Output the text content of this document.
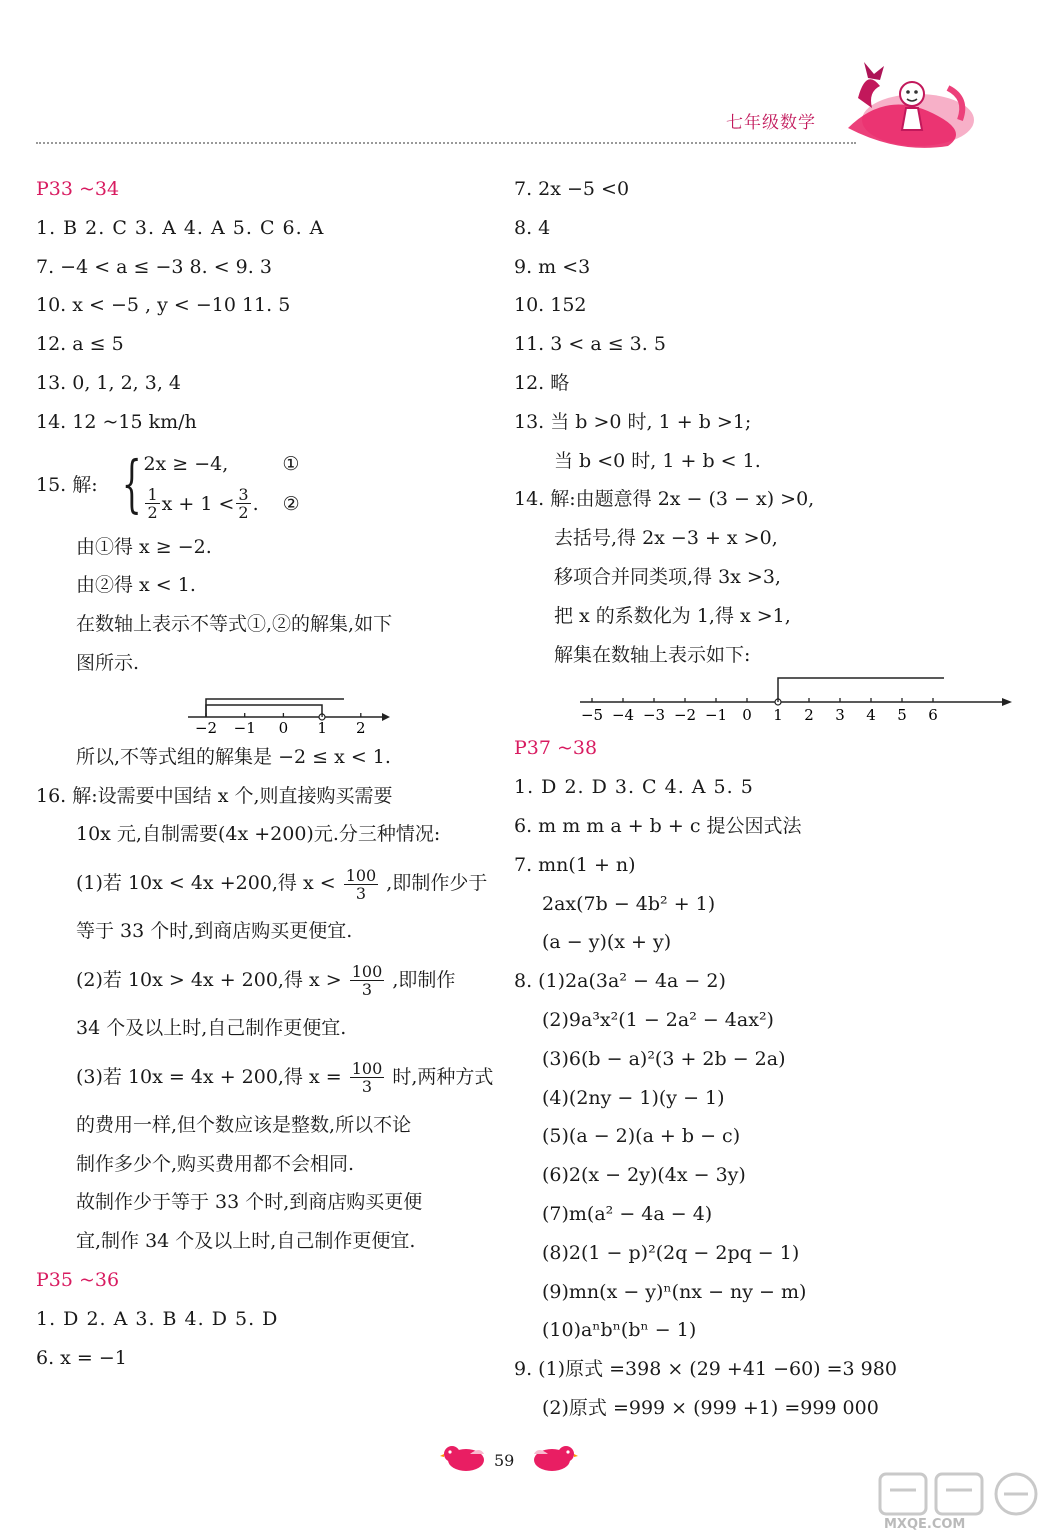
七年级数学
P33 ~34
1. B 2. C 3. A 4. A 5. C 6. A
7. −4 < a ≤ −3 8. < 9. 3
10. x < −5 , y < −10 11. 5
12. a ≤ 5
13. 0, 1, 2, 3, 4
14. 12 ~15 km/h
15. 解: { 2x ≥ −4,	①
$\frac{1}{2}$ $x + 1 < \frac{3}{2}$ . ②
由①得 x ≥ −2.
由②得 x < 1.
在数轴上表示不等式①,②的解集,如下
图所示.
−2 −1 0 1 2
所以,不等式组的解集是 −2 ≤ x < 1.
16. 解:设需要中国结 x 个,则直接购买需要
10x 元,自制需要(4x +200)元.分三种情况:
(1)若 10x < 4x +200,得 $x < \frac{100}{3}$ ,即制作少于
等于 33 个时,到商店购买更便宜.
(2)若 10x > 4x + 200,得 $x > \frac{100}{3}$ ,即制作
34 个及以上时,自己制作更便宜.
(3)若 10x = 4x + 200,得 $x = \frac{100}{3}$ 时,两种方式
的费用一样,但个数应该是整数,所以不论
制作多少个,购买费用都不会相同.
故制作少于等于 33 个时,到商店购买更便
宜,制作 34 个及以上时,自己制作更便宜.
P35 ~36
1. D 2. A 3. B 4. D 5. D
6. x = −1
7. 2x −5 <0
8. 4
9. m <3
10. 152
11. 3 < a ≤ 3. 5
12. 略
13. 当 b >0 时, 1 + b >1;
当 b <0 时, 1 + b < 1.
14. 解:由题意得 2x − (3 − x) >0,
去括号,得 2x −3 + x >0,
移项合并同类项,得 3x >3,
把 x 的系数化为 1,得 x >1,
解集在数轴上表示如下:
−5 −4 −3 −2 −1 0 1 2 3 4 5 6
P37 ~38
1. D 2. D 3. C 4. A 5. 5
6. m m m a + b + c 提公因式法
7. mn(1 + n)
2ax(7b − 4b² + 1)
(a − y)(x + y)
8. (1)2a(3a² − 4a − 2)
(2)9a³x²(1 − 2a² − 4ax²)
(3)6(b − a)²(3 + 2b − 2a)
(4)(2ny − 1)(y − 1)
(5)(a − 2)(a + b − c)
(6)2(x − 2y)(4x − 3y)
(7)m(a² − 4a − 4)
(8)2(1 − p)²(2q − 2pq − 1)
(9)mn(x − y)ⁿ(nx − ny − m)
(10)aⁿbⁿ(bⁿ − 1)
9. (1)原式 =398 × (29 +41 −60) =3 980
(2)原式 =999 × (999 +1) =999 000
59
MXQE.COM
